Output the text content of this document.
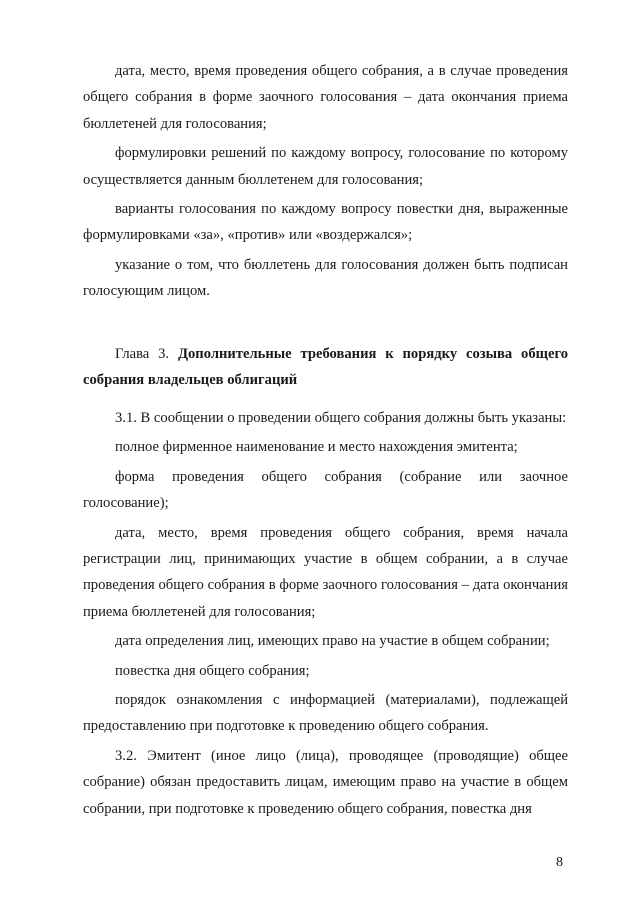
дата, место, время проведения общего собрания, а в случае проведения общего собрания в форме заочного голосования – дата окончания приема бюллетеней для голосования;

формулировки решений по каждому вопросу, голосование по которому осуществляется данным бюллетенем для голосования;

варианты голосования по каждому вопросу повестки дня, выраженные формулировками «за», «против» или «воздержался»;

указание о том, что бюллетень для голосования должен быть подписан голосующим лицом.

Глава 3. Дополнительные требования к порядку созыва общего собрания владельцев облигаций

3.1. В сообщении о проведении общего собрания должны быть указаны:

полное фирменное наименование и место нахождения эмитента;

форма проведения общего собрания (собрание или заочное голосование);

дата, место, время проведения общего собрания, время начала регистрации лиц, принимающих участие в общем собрании, а в случае проведения общего собрания в форме заочного голосования – дата окончания приема бюллетеней для голосования;

дата определения лиц, имеющих право на участие в общем собрании;

повестка дня общего собрания;

порядок ознакомления с информацией (материалами), подлежащей предоставлению при подготовке к проведению общего собрания.

3.2. Эмитент (иное лицо (лица), проводящее (проводящие) общее собрание) обязан предоставить лицам, имеющим право на участие в общем собрании, при подготовке к проведению общего собрания, повестка дня

8
